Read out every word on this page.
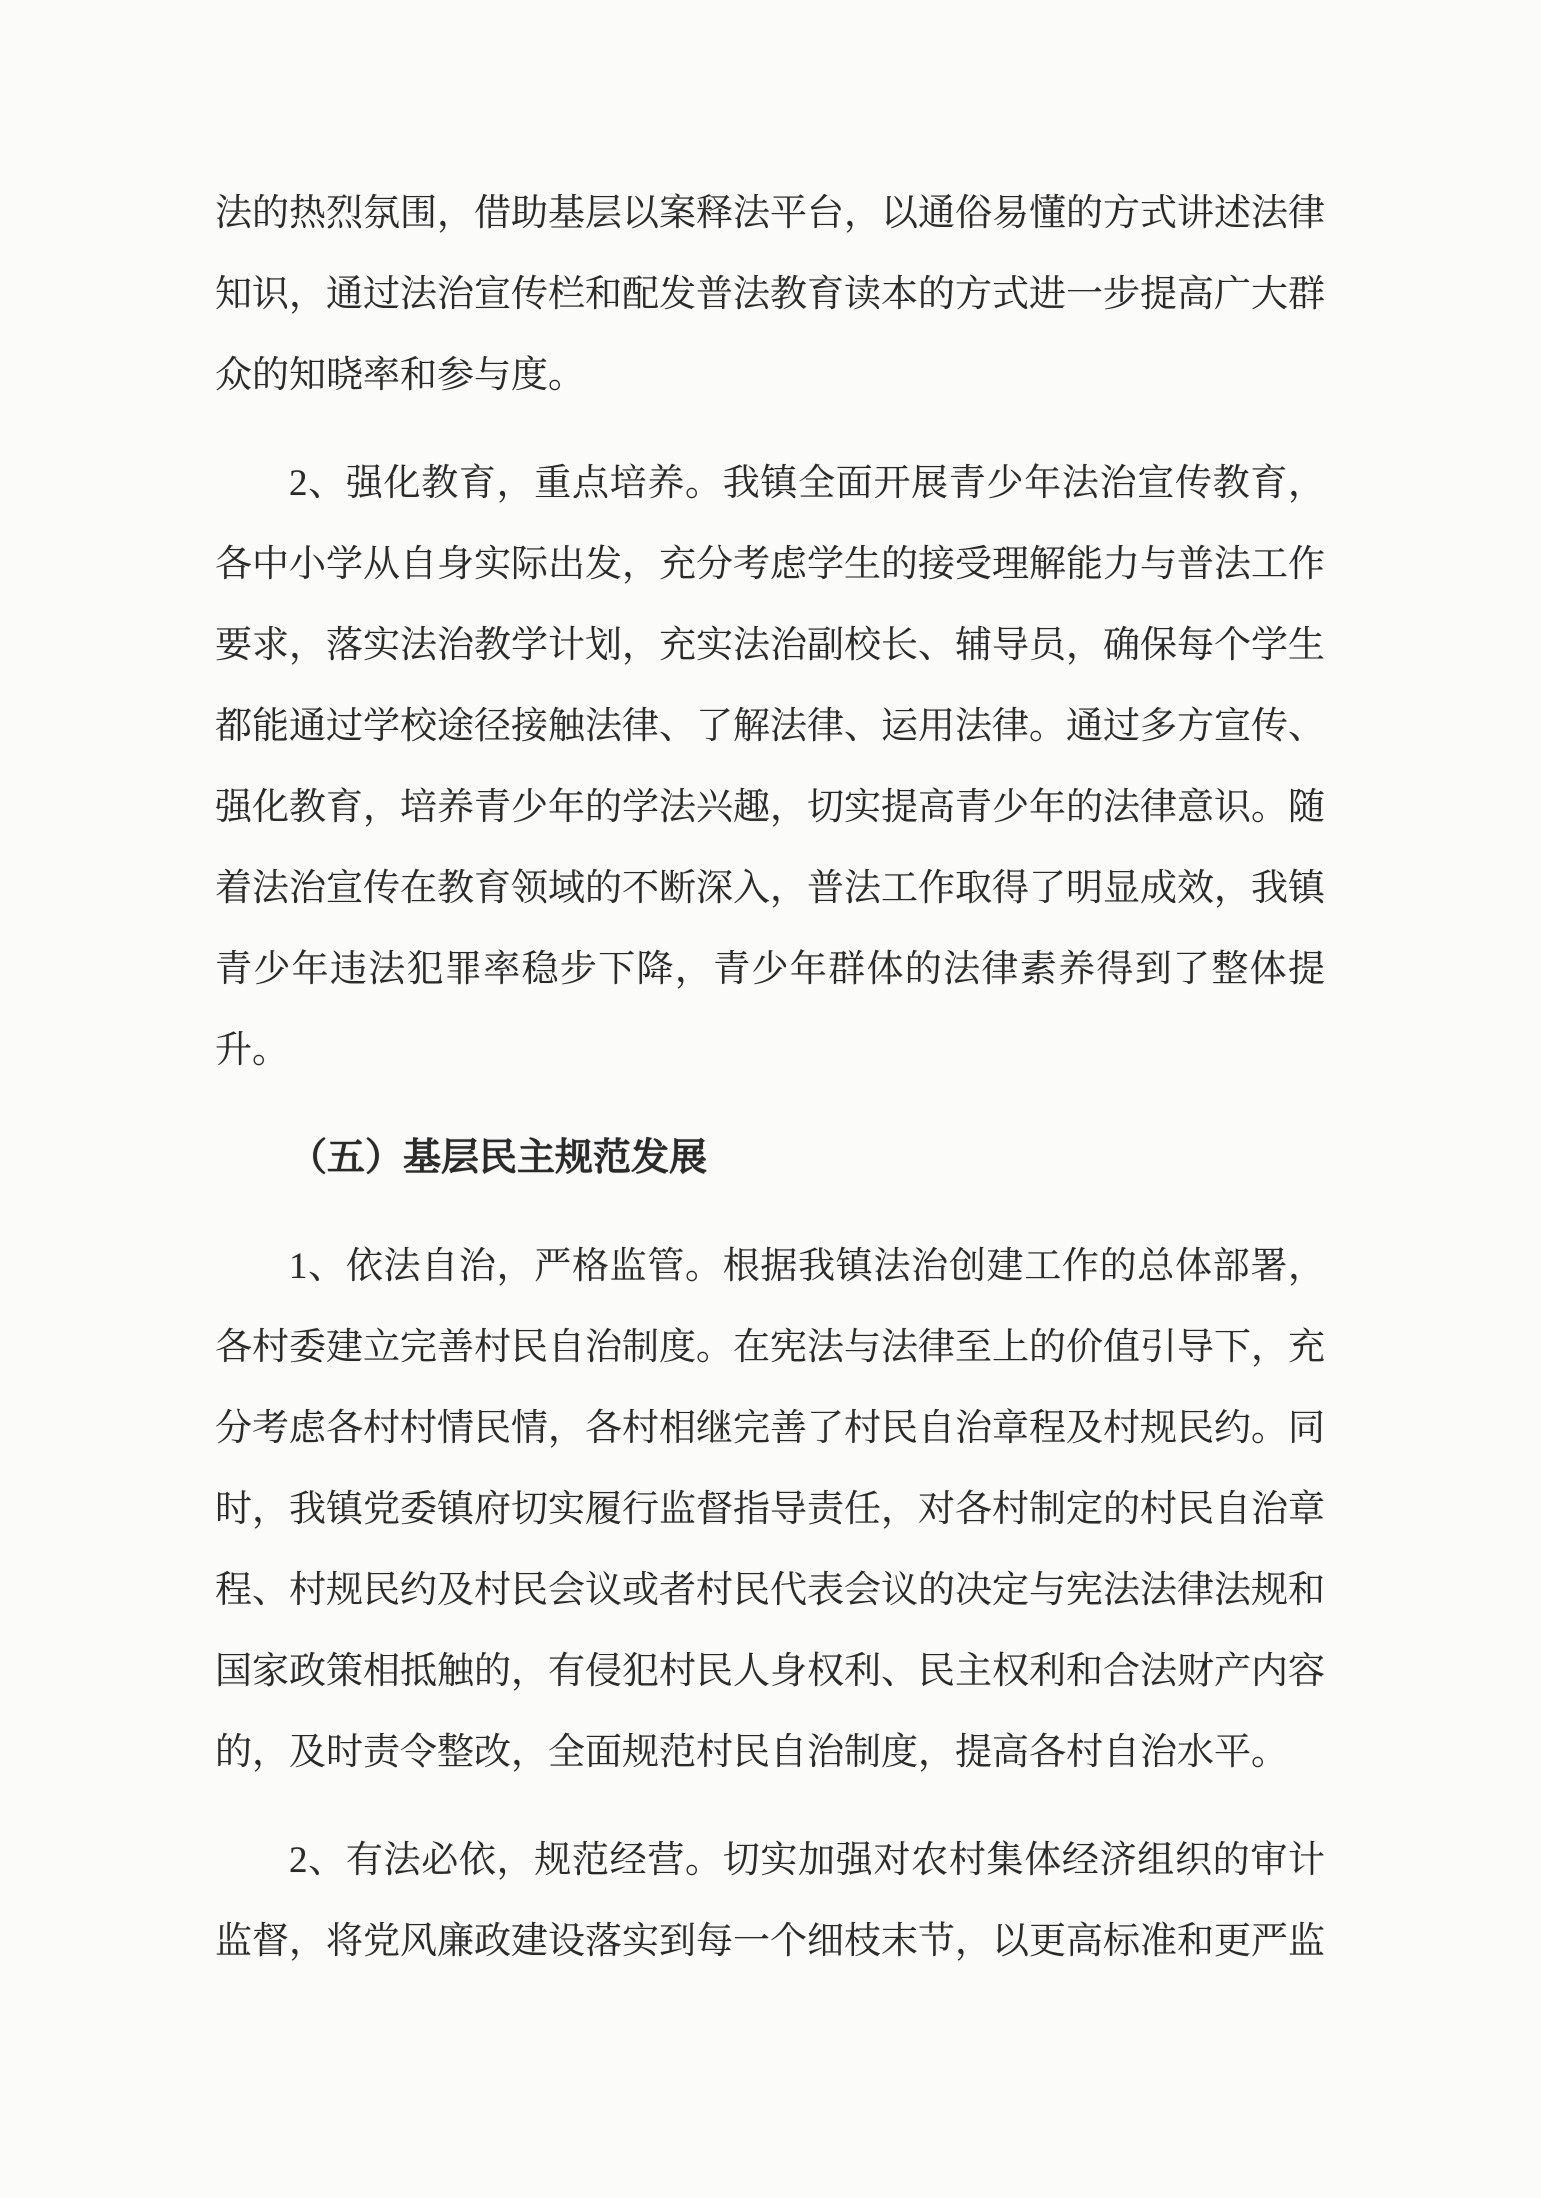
法的热烈氛围，借助基层以案释法平台，以通俗易懂的方式讲述法律
知识，通过法治宣传栏和配发普法教育读本的方式进一步提高广大群
众的知晓率和参与度。
2、强化教育，重点培养。我镇全面开展青少年法治宣传教育，
各中小学从自身实际出发，充分考虑学生的接受理解能力与普法工作
要求，落实法治教学计划，充实法治副校长、辅导员，确保每个学生
都能通过学校途径接触法律、了解法律、运用法律。通过多方宣传、
强化教育，培养青少年的学法兴趣，切实提高青少年的法律意识。随
着法治宣传在教育领域的不断深入，普法工作取得了明显成效，我镇
青少年违法犯罪率稳步下降，青少年群体的法律素养得到了整体提
升。
（五）基层民主规范发展
1、依法自治，严格监管。根据我镇法治创建工作的总体部署，
各村委建立完善村民自治制度。在宪法与法律至上的价值引导下，充
分考虑各村村情民情，各村相继完善了村民自治章程及村规民约。同
时，我镇党委镇府切实履行监督指导责任，对各村制定的村民自治章
程、村规民约及村民会议或者村民代表会议的决定与宪法法律法规和
国家政策相抵触的，有侵犯村民人身权利、民主权利和合法财产内容
的，及时责令整改，全面规范村民自治制度，提高各村自治水平。
2、有法必依，规范经营。切实加强对农村集体经济组织的审计
监督，将党风廉政建设落实到每一个细枝末节，以更高标准和更严监
